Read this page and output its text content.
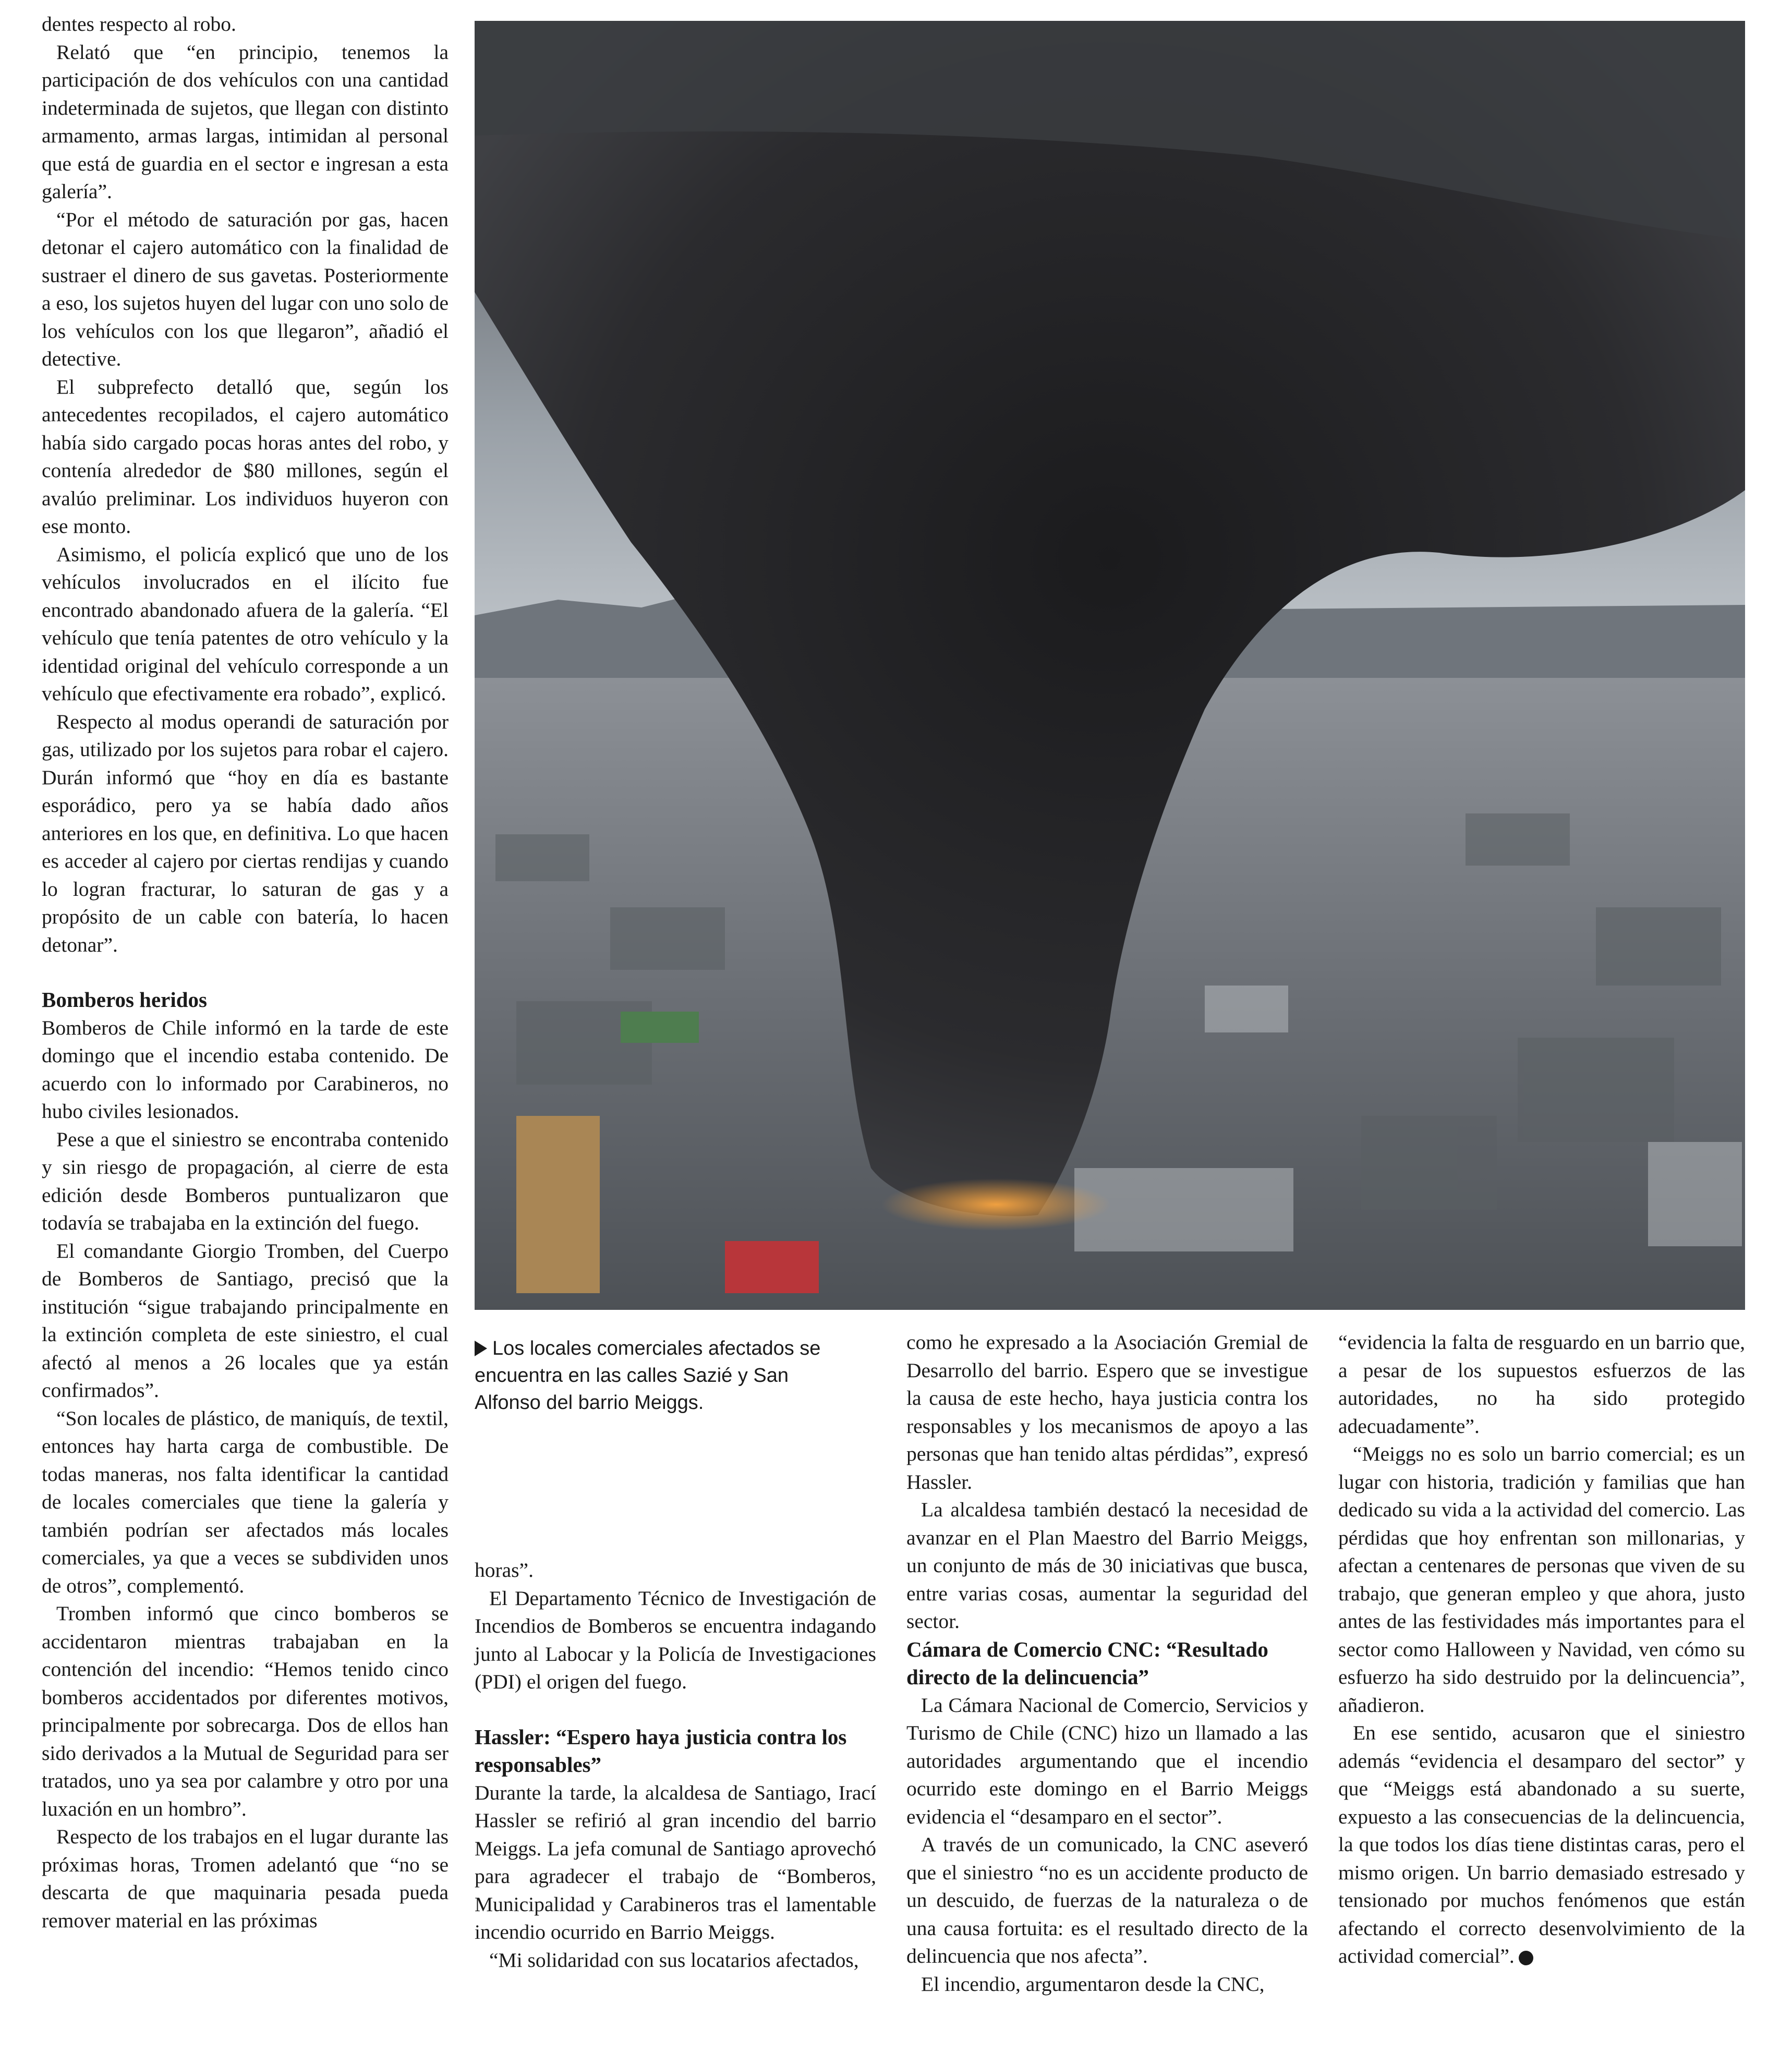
dentes respecto al robo.

Relató que “en principio, tenemos la participación de dos vehículos con una cantidad indeterminada de sujetos, que llegan con distinto armamento, armas largas, intimidan al personal que está de guardia en el sector e ingresan a esta galería”.

“Por el método de saturación por gas, hacen detonar el cajero automático con la finalidad de sustraer el dinero de sus gavetas. Posteriormente a eso, los sujetos huyen del lugar con uno solo de los vehículos con los que llegaron”, añadió el detective.

El subprefecto detalló que, según los antecedentes recopilados, el cajero automático había sido cargado pocas horas antes del robo, y contenía alrededor de $80 millones, según el avalúo preliminar. Los individuos huyeron con ese monto.

Asimismo, el policía explicó que uno de los vehículos involucrados en el ilícito fue encontrado abandonado afuera de la galería. “El vehículo que tenía patentes de otro vehículo y la identidad original del vehículo corresponde a un vehículo que efectivamente era robado”, explicó.

Respecto al modus operandi de saturación por gas, utilizado por los sujetos para robar el cajero. Durán informó que “hoy en día es bastante esporádico, pero ya se había dado años anteriores en los que, en definitiva. Lo que hacen es acceder al cajero por ciertas rendijas y cuando lo logran fracturar, lo saturan de gas y a propósito de un cable con batería, lo hacen detonar”.

Bomberos heridos

Bomberos de Chile informó en la tarde de este domingo que el incendio estaba contenido. De acuerdo con lo informado por Carabineros, no hubo civiles lesionados.

Pese a que el siniestro se encontraba contenido y sin riesgo de propagación, al cierre de esta edición desde Bomberos puntualizaron que todavía se trabajaba en la extinción del fuego.

El comandante Giorgio Tromben, del Cuerpo de Bomberos de Santiago, precisó que la institución “sigue trabajando principalmente en la extinción completa de este siniestro, el cual afectó al menos a 26 locales que ya están confirmados”.

“Son locales de plástico, de maniquís, de textil, entonces hay harta carga de combustible. De todas maneras, nos falta identificar la cantidad de locales comerciales que tiene la galería y también podrían ser afectados más locales comerciales, ya que a veces se subdividen unos de otros”, complementó.

Tromben informó que cinco bomberos se accidentaron mientras trabajaban en la contención del incendio: “Hemos tenido cinco bomberos accidentados por diferentes motivos, principalmente por sobrecarga. Dos de ellos han sido derivados a la Mutual de Seguridad para ser tratados, uno ya sea por calambre y otro por una luxación en un hombro”.

Respecto de los trabajos en el lugar durante las próximas horas, Tromen adelantó que “no se descarta de que maquinaria pesada pueda remover material en las próximas

Los locales comerciales afectados se encuentra en las calles Sazié y San Alfonso del barrio Meiggs.

horas”.

El Departamento Técnico de Investigación de Incendios de Bomberos se encuentra indagando junto al Labocar y la Policía de Investigaciones (PDI) el origen del fuego.

Hassler: “Espero haya justicia contra los responsables”

Durante la tarde, la alcaldesa de Santiago, Irací Hassler se refirió al gran incendio del barrio Meiggs. La jefa comunal de Santiago aprovechó para agradecer el trabajo de “Bomberos, Municipalidad y Carabineros tras el lamentable incendio ocurrido en Barrio Meiggs.

“Mi solidaridad con sus locatarios afectados,

como he expresado a la Asociación Gremial de Desarrollo del barrio. Espero que se investigue la causa de este hecho, haya justicia contra los responsables y los mecanismos de apoyo a las personas que han tenido altas pérdidas”, expresó Hassler.

La alcaldesa también destacó la necesidad de avanzar en el Plan Maestro del Barrio Meiggs, un conjunto de más de 30 iniciativas que busca, entre varias cosas, aumentar la seguridad del sector.

Cámara de Comercio CNC: “Resultado directo de la delincuencia”

La Cámara Nacional de Comercio, Servicios y Turismo de Chile (CNC) hizo un llamado a las autoridades argumentando que el incendio ocurrido este domingo en el Barrio Meiggs evidencia el “desamparo en el sector”.

A través de un comunicado, la CNC aseveró que el siniestro “no es un accidente producto de un descuido, de fuerzas de la naturaleza o de una causa fortuita: es el resultado directo de la delincuencia que nos afecta”.

El incendio, argumentaron desde la CNC,

“evidencia la falta de resguardo en un barrio que, a pesar de los supuestos esfuerzos de las autoridades, no ha sido protegido adecuadamente”.

“Meiggs no es solo un barrio comercial; es un lugar con historia, tradición y familias que han dedicado su vida a la actividad del comercio. Las pérdidas que hoy enfrentan son millonarias, y afectan a centenares de personas que viven de su trabajo, que generan empleo y que ahora, justo antes de las festividades más importantes para el sector como Halloween y Navidad, ven cómo su esfuerzo ha sido destruido por la delincuencia”, añadieron.

En ese sentido, acusaron que el siniestro además “evidencia el desamparo del sector” y que “Meiggs está abandonado a su suerte, expuesto a las consecuencias de la delincuencia, la que todos los días tiene distintas caras, pero el mismo origen. Un barrio demasiado estresado y tensionado por muchos fenómenos que están afectando el correcto desenvolvimiento de la actividad comercial”.
